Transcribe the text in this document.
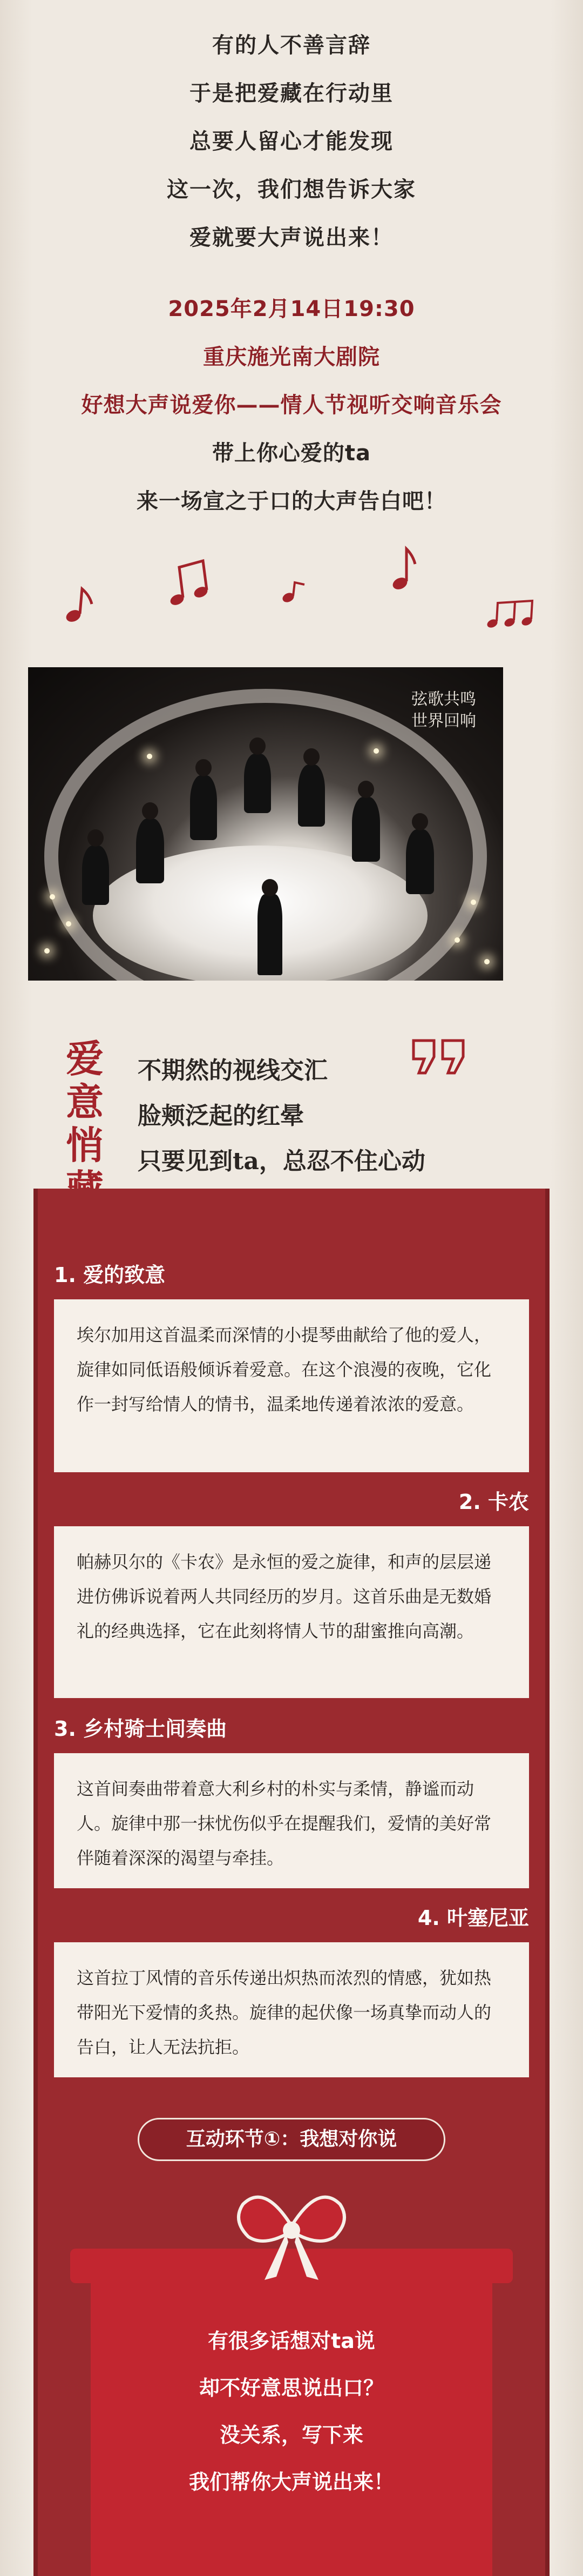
有的人不善言辞
于是把爱藏在行动里
总要人留心才能发现
这一次，我们想告诉大家
爱就要大声说出来！
2025年2月14日19:30
重庆施光南大剧院
好想大声说爱你——情人节视听交响音乐会
带上你心爱的ta
来一场宣之于口的大声告白吧！
弦歌共鸣
世界回响
爱
意
悄
不期然的视线交汇
脸颊泛起的红晕
只要见到ta，总忍不住心动
1. 爱的致意
埃尔加用这首温柔而深情的小提琴曲献给了他的爱人，旋律如同低语般倾诉着爱意。在这个浪漫的夜晚，它化作一封写给情人的情书，温柔地传递着浓浓的爱意。
2. 卡农
帕赫贝尔的《卡农》是永恒的爱之旋律，和声的层层递进仿佛诉说着两人共同经历的岁月。这首乐曲是无数婚礼的经典选择，它在此刻将情人节的甜蜜推向高潮。
3. 乡村骑士间奏曲
这首间奏曲带着意大利乡村的朴实与柔情，静谧而动人。旋律中那一抹忧伤似乎在提醒我们，爱情的美好常伴随着深深的渴望与牵挂。
4. 叶塞尼亚
这首拉丁风情的音乐传递出炽热而浓烈的情感，犹如热带阳光下爱情的炙热。旋律的起伏像一场真挚而动人的告白，让人无法抗拒。
互动环节①：我想对你说
有很多话想对ta说
却不好意思说出口？
没关系，写下来
我们帮你大声说出来！
